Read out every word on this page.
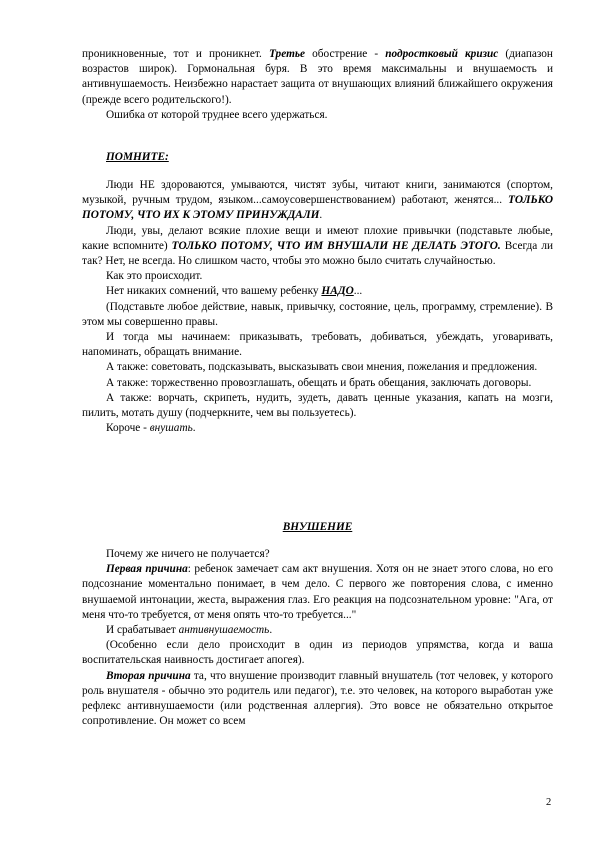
проникновенные, тот и проникнет. Третье обострение - подростковый кризис (диапазон возрастов широк). Гормональная буря. В это время максимальны и внушаемость и антивнушаемость. Неизбежно нарастает защита от внушающих влияний ближайшего окружения (прежде всего родительского!).

Ошибка от которой труднее всего удержаться.

ПОМНИТЕ:

Люди НЕ здороваются, умываются, чистят зубы, читают книги, занимаются (спортом, музыкой, ручным трудом, языком...самоусовершенствованием) работают, женятся... ТОЛЬКО ПОТОМУ, ЧТО ИХ К ЭТОМУ ПРИНУЖДАЛИ.

Люди, увы, делают всякие плохие вещи и имеют плохие привычки (подставьте любые, какие вспомните) ТОЛЬКО ПОТОМУ, ЧТО ИМ ВНУШАЛИ НЕ ДЕЛАТЬ ЭТОГО. Всегда ли так? Нет, не всегда. Но слишком часто, чтобы это можно было считать случайностью.

Как это происходит.

Нет никаких сомнений, что вашему ребенку НАДО...

(Подставьте любое действие, навык, привычку, состояние, цель, программу, стремление). В этом мы совершенно правы.

И тогда мы начинаем: приказывать, требовать, добиваться, убеждать, уговаривать, напоминать, обращать внимание.

А также: советовать, подсказывать, высказывать свои мнения, пожелания и предложения.

А также: торжественно провозглашать, обещать и брать обещания, заключать договоры.

А также: ворчать, скрипеть, нудить, зудеть, давать ценные указания, капать на мозги, пилить, мотать душу (подчеркните, чем вы пользуетесь).

Короче - внушать.

ВНУШЕНИЕ

Почему же ничего не получается?

Первая причина: ребенок замечает сам акт внушения. Хотя он не знает этого слова, но его подсознание моментально понимает, в чем дело. С первого же повторения слова, с именно внушаемой интонации, жеста, выражения глаз. Его реакция на подсознательном уровне: "Ага, от меня что-то требуется, от меня опять что-то требуется..."

И срабатывает антивнушаемость.

(Особенно если дело происходит в один из периодов упрямства, когда и ваша воспитательская наивность достигает апогея).

Вторая причина та, что внушение производит главный внушатель (тот человек, у которого роль внушателя - обычно это родитель или педагог), т.е. это человек, на которого выработан уже рефлекс антивнушаемости (или родственная аллергия). Это вовсе не обязательно открытое сопротивление. Он может со всем

2
